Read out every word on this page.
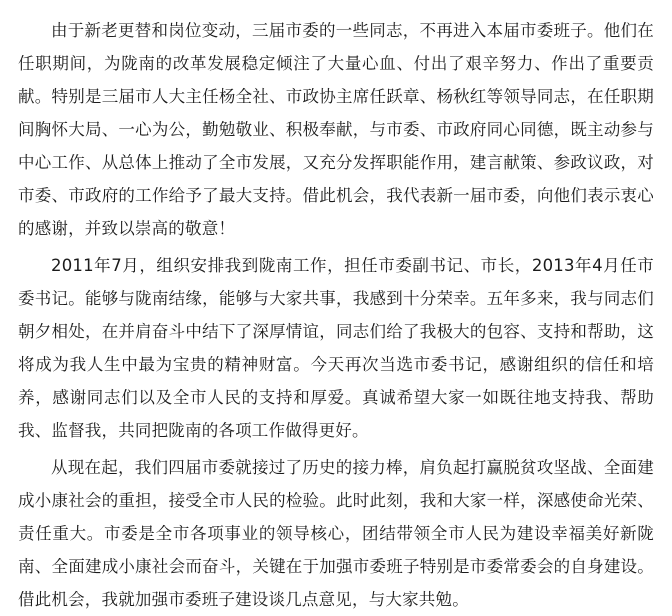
由于新老更替和岗位变动，三届市委的一些同志，不再进入本届市委班子。他们在任职期间，为陇南的改革发展稳定倾注了大量心血、付出了艰辛努力、作出了重要贡献。特别是三届市人大主任杨全社、市政协主席任跃章、杨秋红等领导同志，在任职期间胸怀大局、一心为公，勤勉敬业、积极奉献，与市委、市政府同心同德，既主动参与中心工作、从总体上推动了全市发展，又充分发挥职能作用，建言献策、参政议政，对市委、市政府的工作给予了最大支持。借此机会，我代表新一届市委，向他们表示衷心的感谢，并致以崇高的敬意！

2011年7月，组织安排我到陇南工作，担任市委副书记、市长，2013年4月任市委书记。能够与陇南结缘，能够与大家共事，我感到十分荣幸。五年多来，我与同志们朝夕相处，在并肩奋斗中结下了深厚情谊，同志们给了我极大的包容、支持和帮助，这将成为我人生中最为宝贵的精神财富。今天再次当选市委书记，感谢组织的信任和培养，感谢同志们以及全市人民的支持和厚爱。真诚希望大家一如既往地支持我、帮助我、监督我，共同把陇南的各项工作做得更好。

从现在起，我们四届市委就接过了历史的接力棒，肩负起打赢脱贫攻坚战、全面建成小康社会的重担，接受全市人民的检验。此时此刻，我和大家一样，深感使命光荣、责任重大。市委是全市各项事业的领导核心，团结带领全市人民为建设幸福美好新陇南、全面建成小康社会而奋斗，关键在于加强市委班子特别是市委常委会的自身建设。借此机会，我就加强市委班子建设谈几点意见，与大家共勉。
